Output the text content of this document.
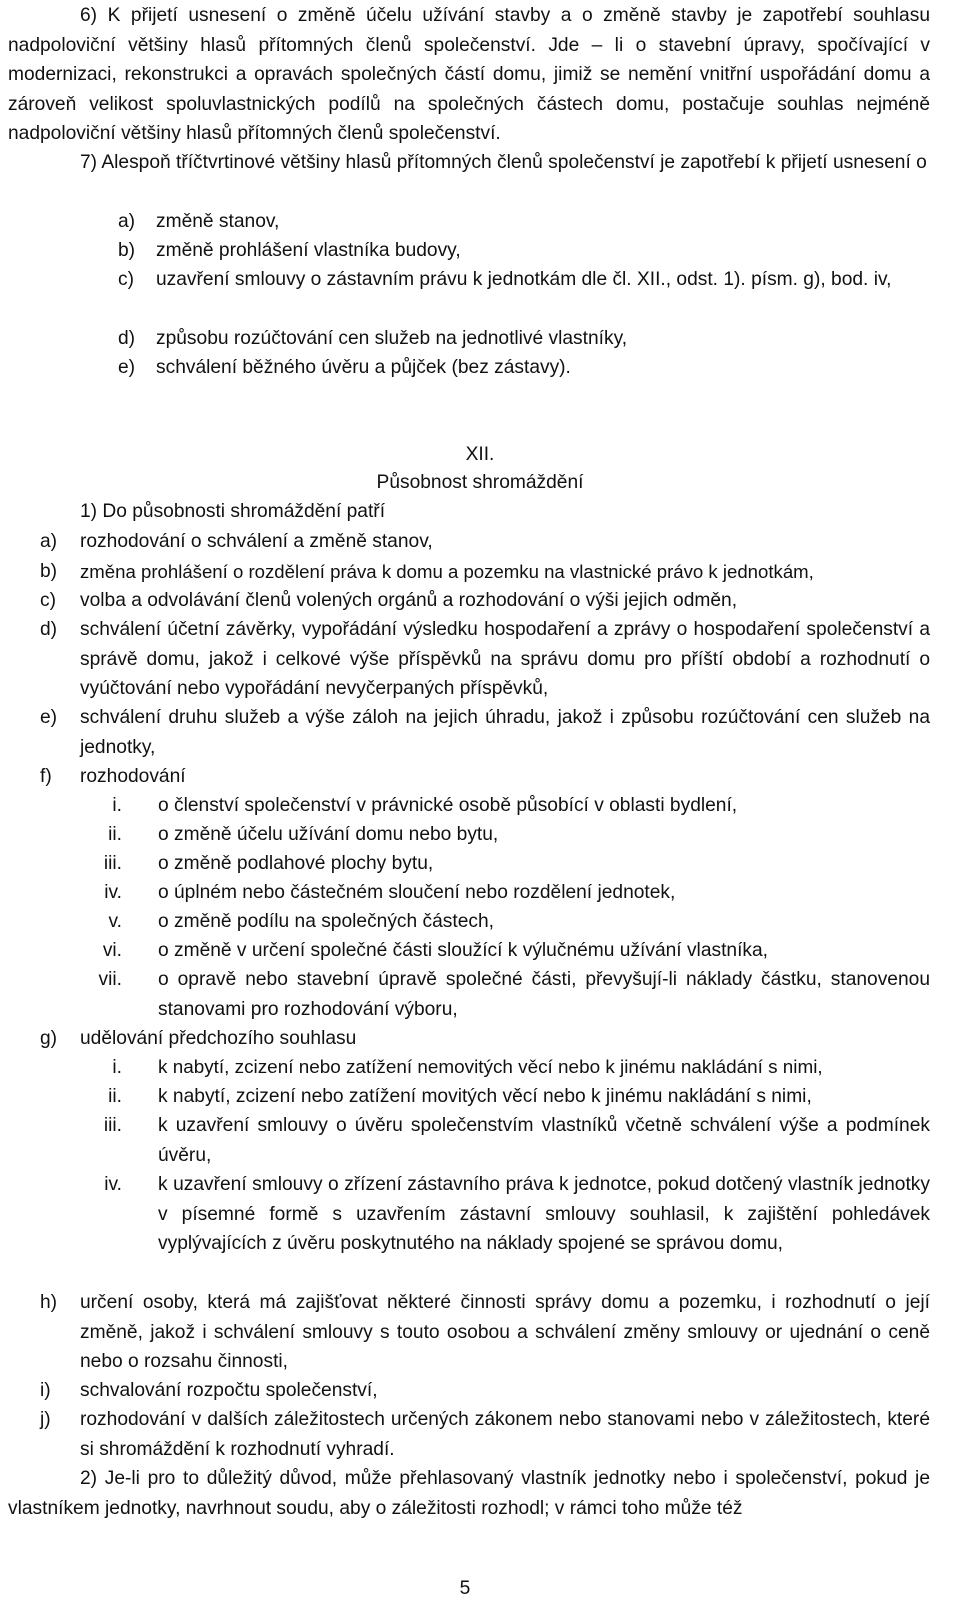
6) K přijetí usnesení o změně účelu užívání stavby a o změně stavby je zapotřebí souhlasu nadpoloviční většiny hlasů přítomných členů společenství. Jde – li o stavební úpravy, spočívající v modernizaci, rekonstrukci a opravách společných částí domu, jimiž se nemění vnitřní uspořádání domu a zároveň velikost spoluvlastnických podílů na společných částech domu, postačuje souhlas nejméně nadpoloviční většiny hlasů přítomných členů společenství.

7) Alespoň tříčtvrtinové většiny hlasů přítomných členů společenství je zapotřebí k přijetí usnesení o

a) změně stanov,
b) změně prohlášení vlastníka budovy,
c) uzavření smlouvy o zástavním právu k jednotkám dle čl. XII., odst. 1). písm. g), bod. iv,
d) způsobu rozúčtování cen služeb na jednotlivé vlastníky,
e) schválení běžného úvěru a půjček (bez zástavy).
XII.
Působnost shromáždění
1) Do působnosti shromáždění patří
a) rozhodování o schválení a změně stanov,
b) změna prohlášení o rozdělení práva k domu a pozemku na vlastnické právo k jednotkám,
c) volba a odvolávání členů volených orgánů a rozhodování o výši jejich odměn,
d) schválení účetní závěrky, vypořádání výsledku hospodaření a zprávy o hospodaření společenství a správě domu, jakož i celkové výše příspěvků na správu domu pro příští období a rozhodnutí o vyúčtování nebo vypořádání nevyčerpaných příspěvků,
e) schválení druhu služeb a výše záloh na jejich úhradu, jakož i způsobu rozúčtování cen služeb na jednotky,
f) rozhodování
i. o členství společenství v právnické osobě působící v oblasti bydlení,
ii. o změně účelu užívání domu nebo bytu,
iii. o změně podlahové plochy bytu,
iv. o úplném nebo částečném sloučení nebo rozdělení jednotek,
v. o změně podílu na společných částech,
vi. o změně v určení společné části sloužící k výlučnému užívání vlastníka,
vii. o opravě nebo stavební úpravě společné části, převyšují-li náklady částku, stanovenou stanovami pro rozhodování výboru,
g) udělování předchozího souhlasu
i. k nabytí, zcizení nebo zatížení nemovitých věcí nebo k jinému nakládání s nimi,
ii. k nabytí, zcizení nebo zatížení movitých věcí nebo k jinému nakládání s nimi,
iii. k uzavření smlouvy o úvěru společenstvím vlastníků včetně schválení výše a podmínek úvěru,
iv. k uzavření smlouvy o zřízení zástavního práva k jednotce, pokud dotčený vlastník jednotky v písemné formě s uzavřením zástavní smlouvy souhlasil, k zajištění pohledávek vyplývajících z úvěru poskytnutého na náklady spojené se správou domu,
h) určení osoby, která má zajišťovat některé činnosti správy domu a pozemku, i rozhodnutí o její změně, jakož i schválení smlouvy s touto osobou a schválení změny smlouvy or ujednání o ceně nebo o rozsahu činnosti,
i) schvalování rozpočtu společenství,
j) rozhodování v dalších záležitostech určených zákonem nebo stanovami nebo v záležitostech, které si shromáždění k rozhodnutí vyhradí.

2) Je-li pro to důležitý důvod, může přehlasovaný vlastník jednotky nebo i společenství, pokud je vlastníkem jednotky, navrhnout soudu, aby o záležitosti rozhodl; v rámci toho může též

5
